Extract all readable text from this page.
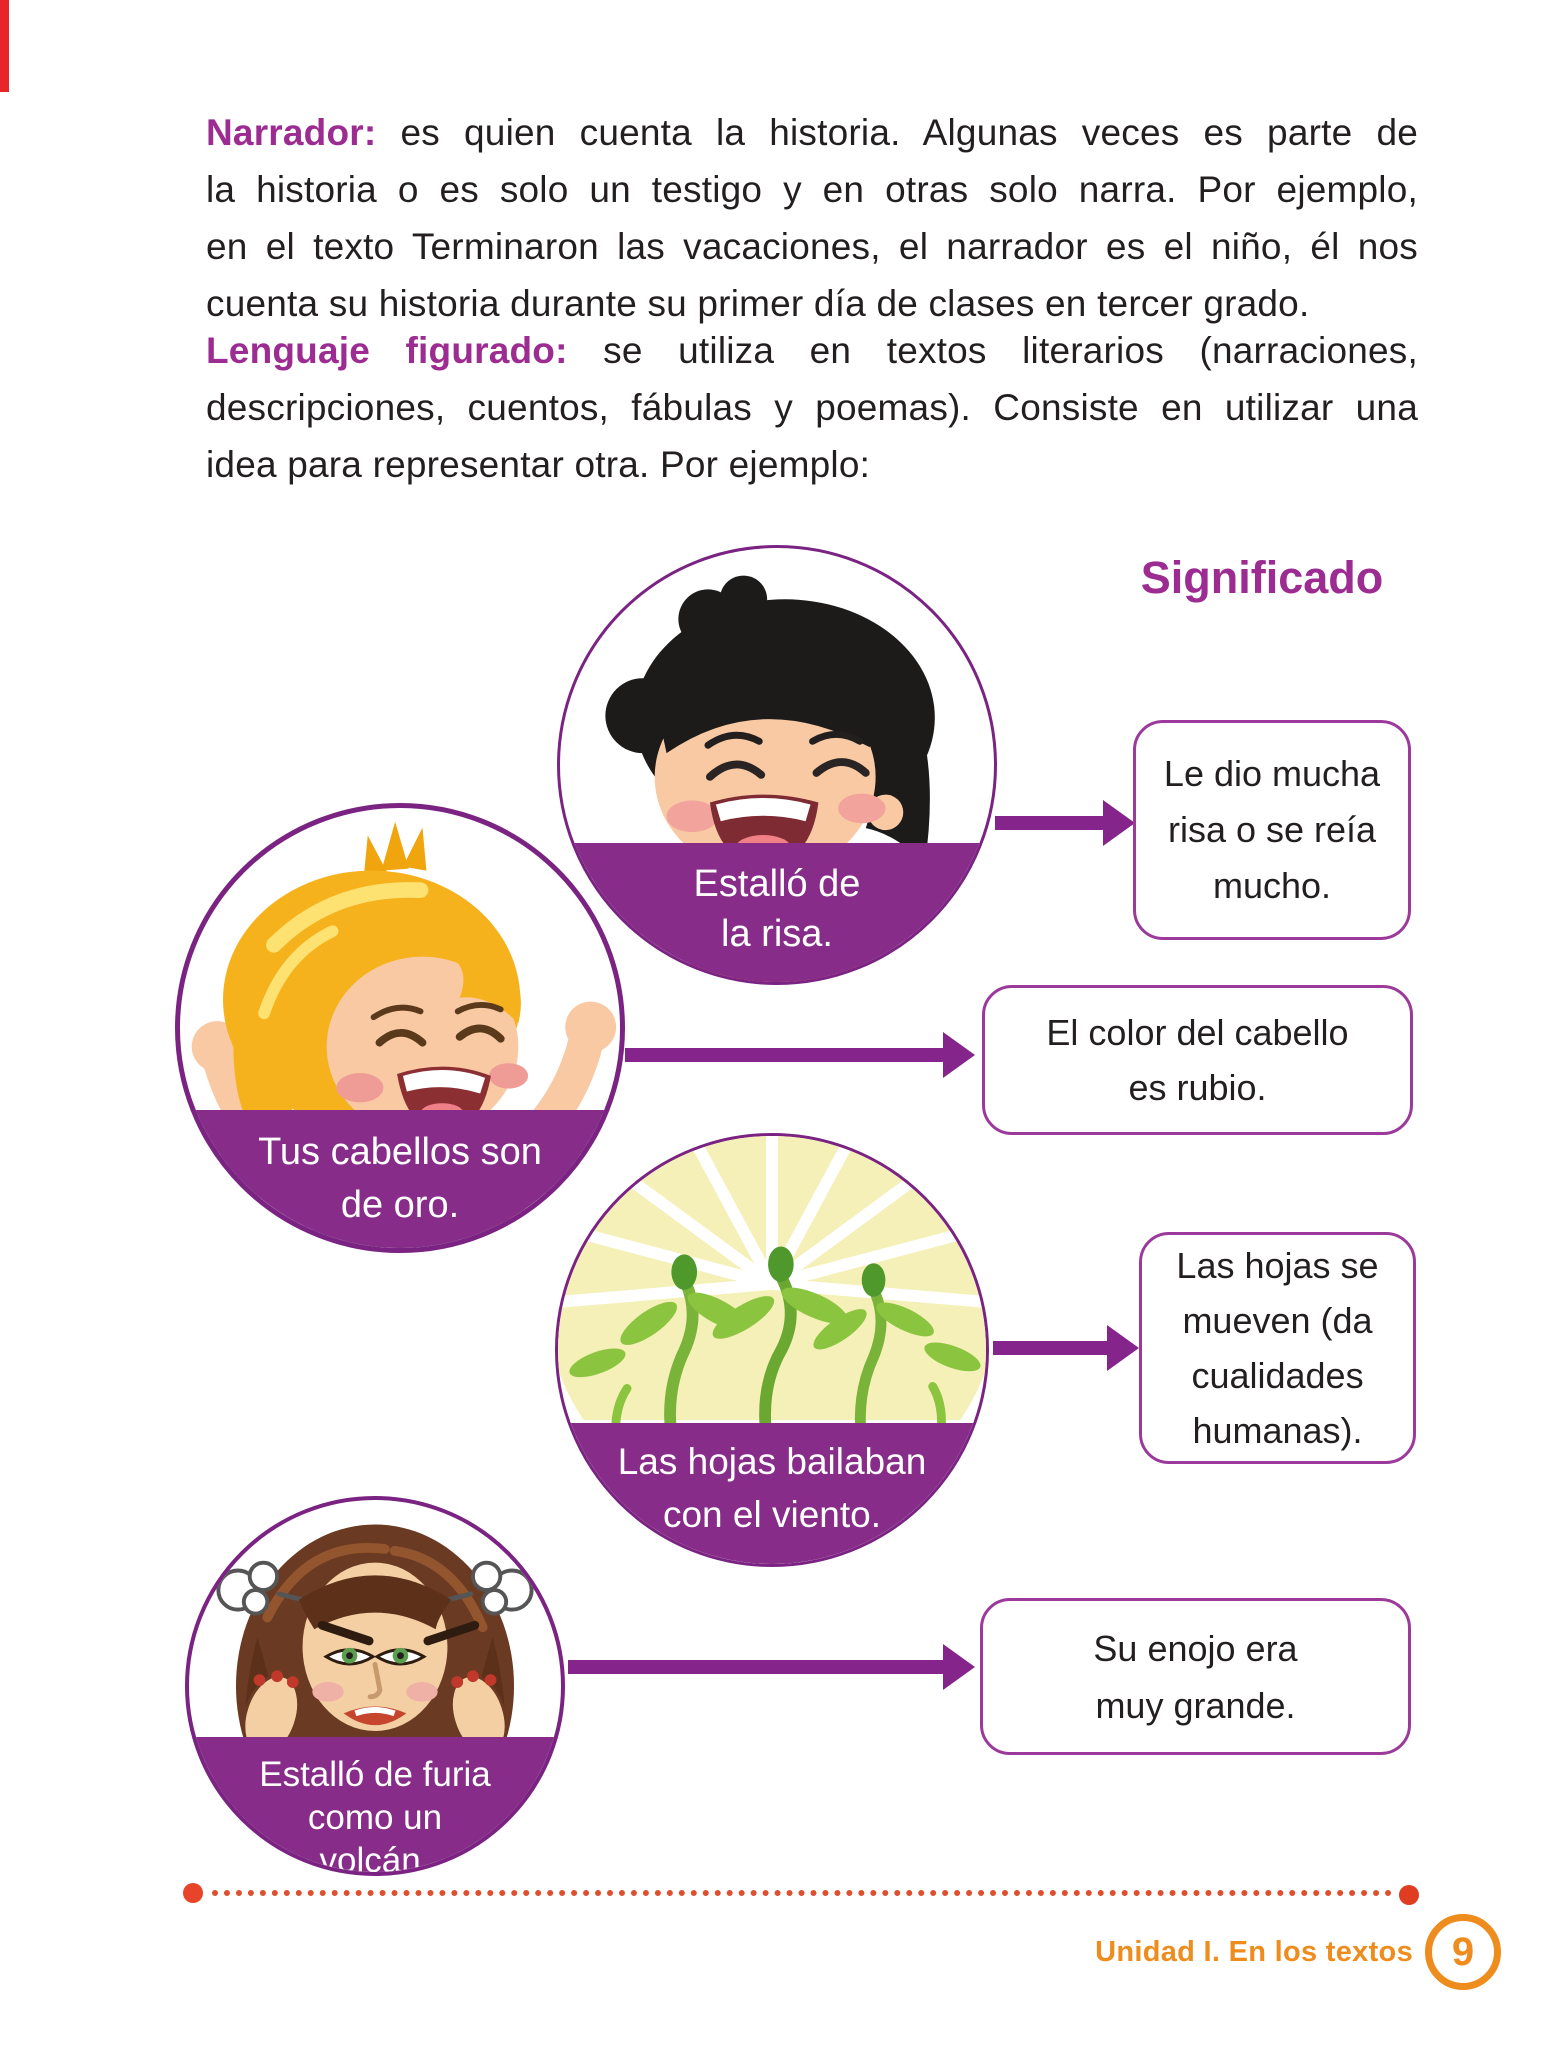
Narrador: es quien cuenta la historia. Algunas veces es parte de
la historia o es solo un testigo y en otras solo narra. Por ejemplo,
en el texto Terminaron las vacaciones, el narrador es el niño, él nos
cuenta su historia durante su primer día de clases en tercer grado.

Lenguaje figurado: se utiliza en textos literarios (narraciones,
descripciones, cuentos, fábulas y poemas). Consiste en utilizar una
idea para representar otra. Por ejemplo:

Significado
Estalló de
la risa.
Tus cabellos son
de oro.
Las hojas bailaban
con el viento.
Estalló de furia
como un
volcán.
Le dio mucha
risa o se reía
mucho.
El color del cabello
es rubio.
Las hojas se
mueven (da
cualidades
humanas).
Su enojo era
muy grande.
Unidad I. En los textos 9
